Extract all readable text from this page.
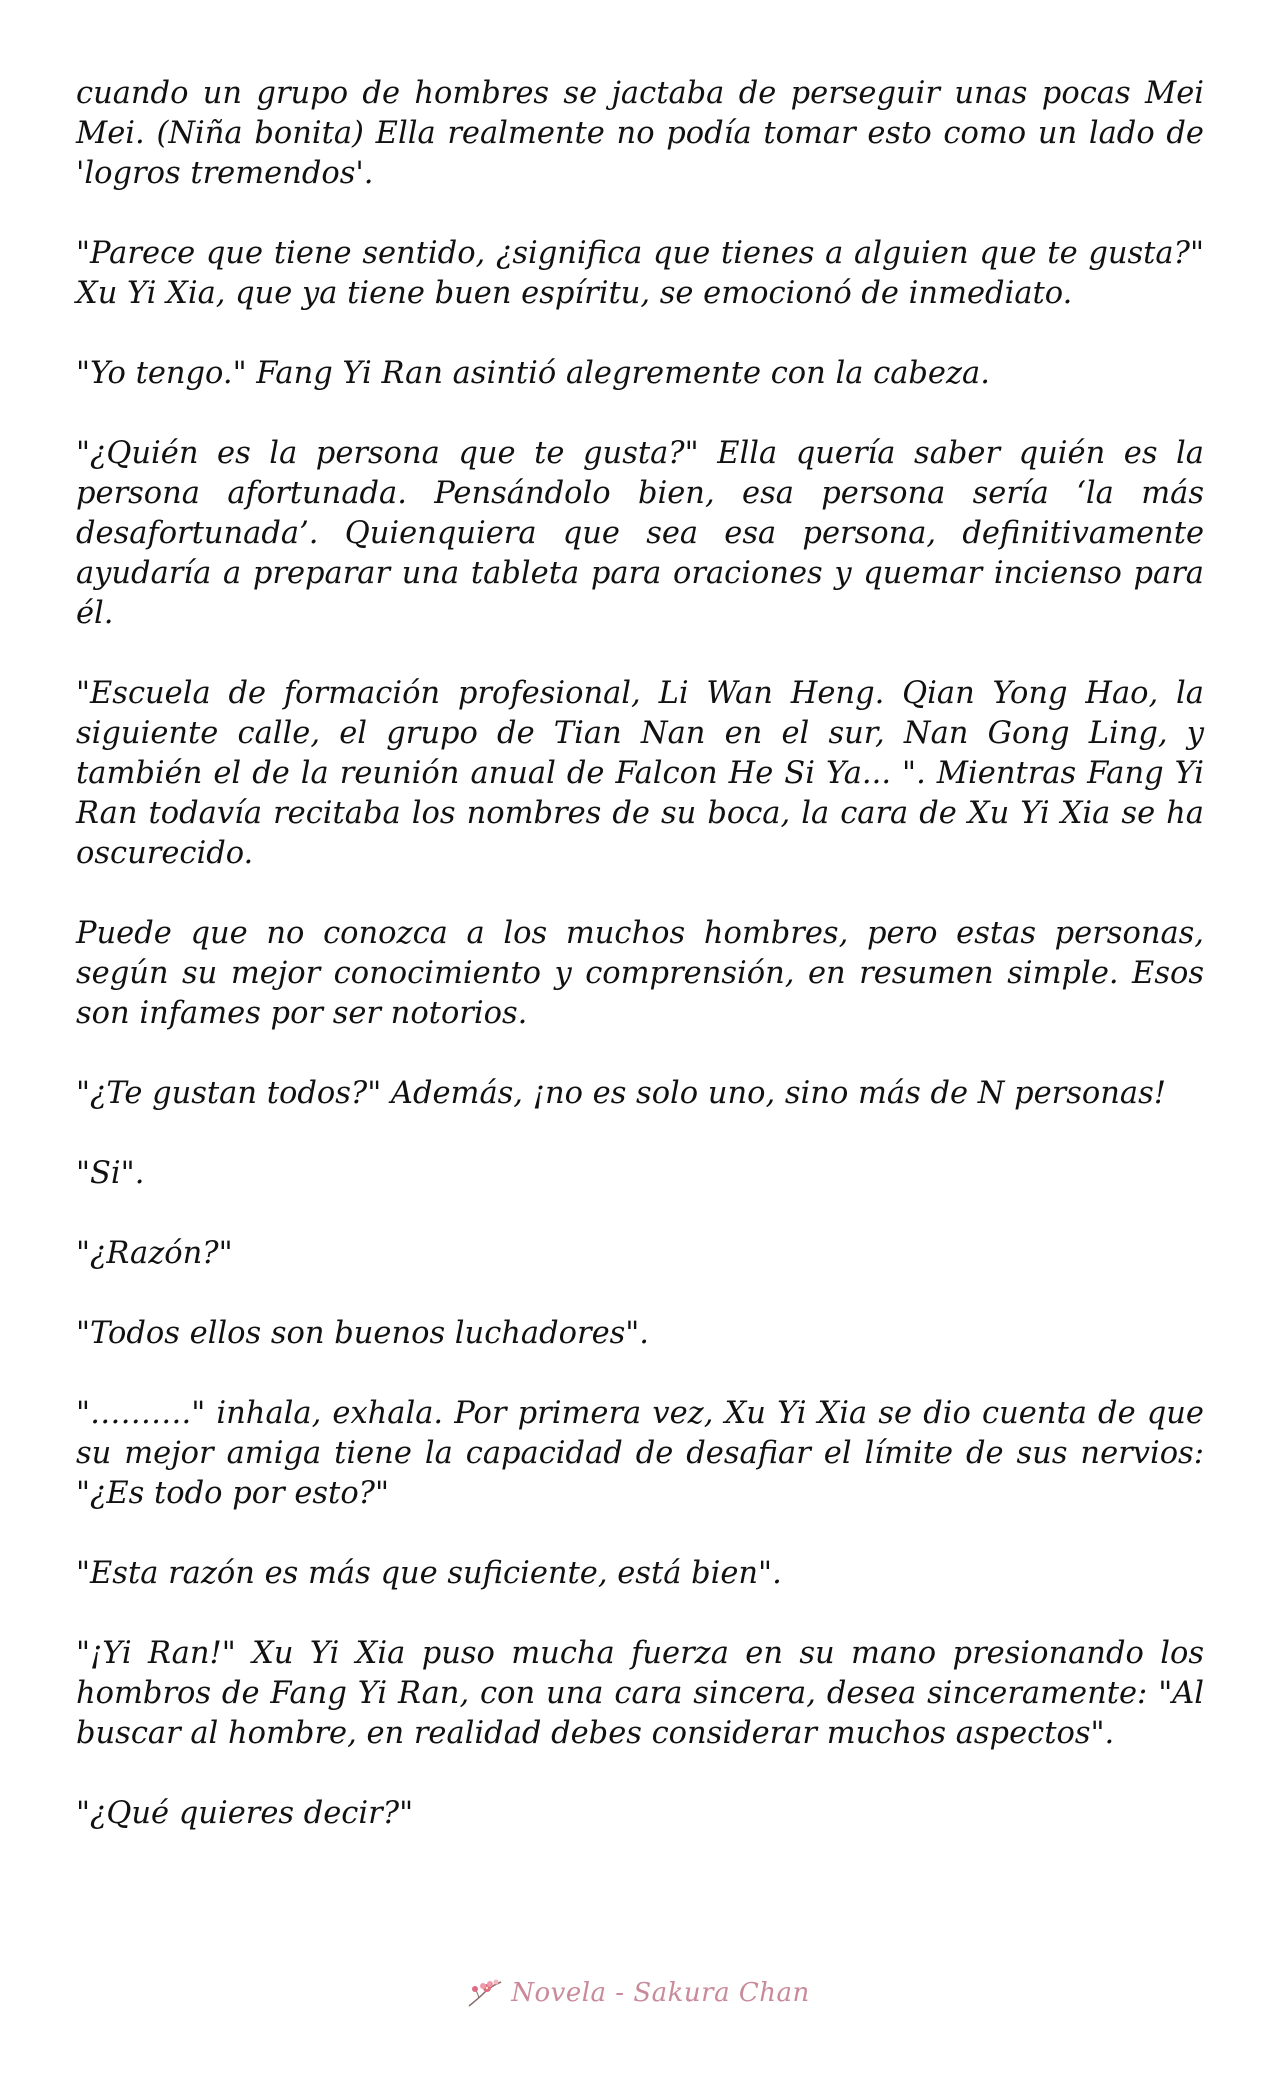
cuando un grupo de hombres se jactaba de perseguir unas pocas Mei Mei. (Niña bonita) Ella realmente no podía tomar esto como un lado de 'logros tremendos'.

"Parece que tiene sentido, ¿significa que tienes a alguien que te gusta?" Xu Yi Xia, que ya tiene buen espíritu, se emocionó de inmediato.

"Yo tengo." Fang Yi Ran asintió alegremente con la cabeza.

"¿Quién es la persona que te gusta?" Ella quería saber quién es la persona afortunada. Pensándolo bien, esa persona sería ‘la más desafortunada’. Quienquiera que sea esa persona, definitivamente ayudaría a preparar una tableta para oraciones y quemar incienso para él.

"Escuela de formación profesional, Li Wan Heng. Qian Yong Hao, la siguiente calle, el grupo de Tian Nan en el sur, Nan Gong Ling, y también el de la reunión anual de Falcon He Si Ya... ". Mientras Fang Yi Ran todavía recitaba los nombres de su boca, la cara de Xu Yi Xia se ha oscurecido.

Puede que no conozca a los muchos hombres, pero estas personas, según su mejor conocimiento y comprensión, en resumen simple. Esos son infames por ser notorios.

"¿Te gustan todos?" Además, ¡no es solo uno, sino más de N personas!

"Si".

"¿Razón?"

"Todos ellos son buenos luchadores".

"………." inhala, exhala. Por primera vez, Xu Yi Xia se dio cuenta de que su mejor amiga tiene la capacidad de desafiar el límite de sus nervios: "¿Es todo por esto?"

"Esta razón es más que suficiente, está bien".

"¡Yi Ran!" Xu Yi Xia puso mucha fuerza en su mano presionando los hombros de Fang Yi Ran, con una cara sincera, desea sinceramente: "Al buscar al hombre, en realidad debes considerar muchos aspectos".

"¿Qué quieres decir?"

Novela - Sakura Chan
